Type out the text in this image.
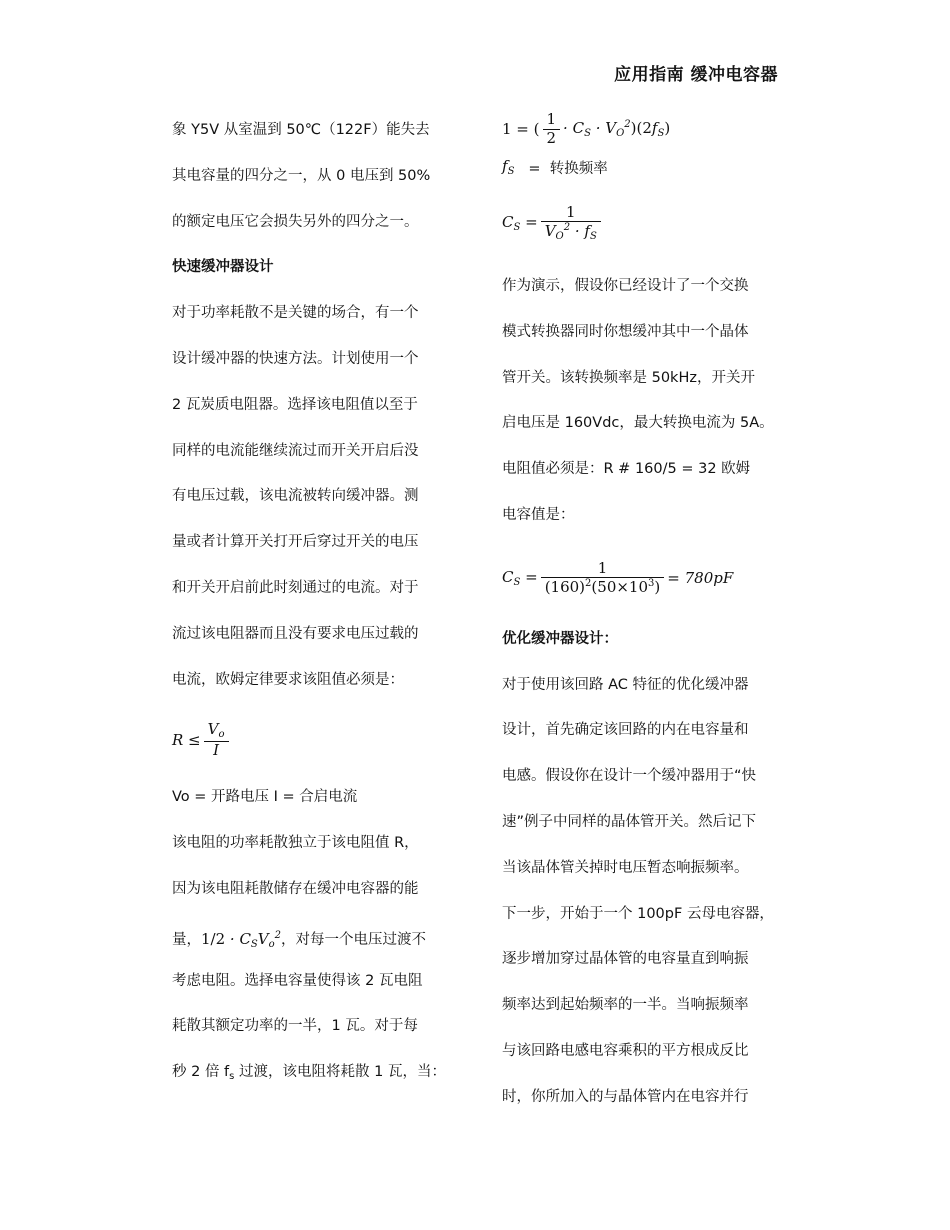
应用指南 缓冲电容器
象 Y5V 从室温到 50℃（122F）能失去
其电容量的四分之一，从 0 电压到 50%
的额定电压它会损失另外的四分之一。
快速缓冲器设计
对于功率耗散不是关键的场合，有一个
设计缓冲器的快速方法。计划使用一个
2 瓦炭质电阻器。选择该电阻值以至于
同样的电流能继续流过而开关开启后没
有电压过载，该电流被转向缓冲器。测
量或者计算开关打开后穿过开关的电压
和开关开启前此时刻通过的电流。对于
流过该电阻器而且没有要求电压过载的
电流，欧姆定律要求该阻值必须是：
$R \le \frac{V_o}{I}$
Vo = 开路电压 I = 合启电流
该电阻的功率耗散独立于该电阻值 R，
因为该电阻耗散储存在缓冲电容器的能
量，$1/2 \cdot C_SV_o^2$，对每一个电压过渡不
考虑电阻。选择电容量使得该 2 瓦电阻
耗散其额定功率的一半，1 瓦。对于每
秒 2 倍 $f_s$ 过渡，该电阻将耗散 1 瓦，当：
1 = ( $\frac{1}{2} \cdot C_S \cdot V_O^2)(2f_S)$
$f_S$ = 转换频率
$C_S = \frac{1}{V_O^2 \cdot f_S}$
作为演示，假设你已经设计了一个交换
模式转换器同时你想缓冲其中一个晶体
管开关。该转换频率是 50kHz，开关开
启电压是 160Vdc，最大转换电流为 5A。
电阻值必须是：R # 160/5 = 32 欧姆
电容值是：
$C_S = \frac{1}{(160)^2(50\times 10^3)} = 780pF$
优化缓冲器设计：
对于使用该回路 AC 特征的优化缓冲器
设计，首先确定该回路的内在电容量和
电感。假设你在设计一个缓冲器用于“快
速”例子中同样的晶体管开关。然后记下
当该晶体管关掉时电压暂态响振频率。
下一步，开始于一个 100pF 云母电容器，
逐步增加穿过晶体管的电容量直到响振
频率达到起始频率的一半。当响振频率
与该回路电感电容乘积的平方根成反比
时，你所加入的与晶体管内在电容并行
